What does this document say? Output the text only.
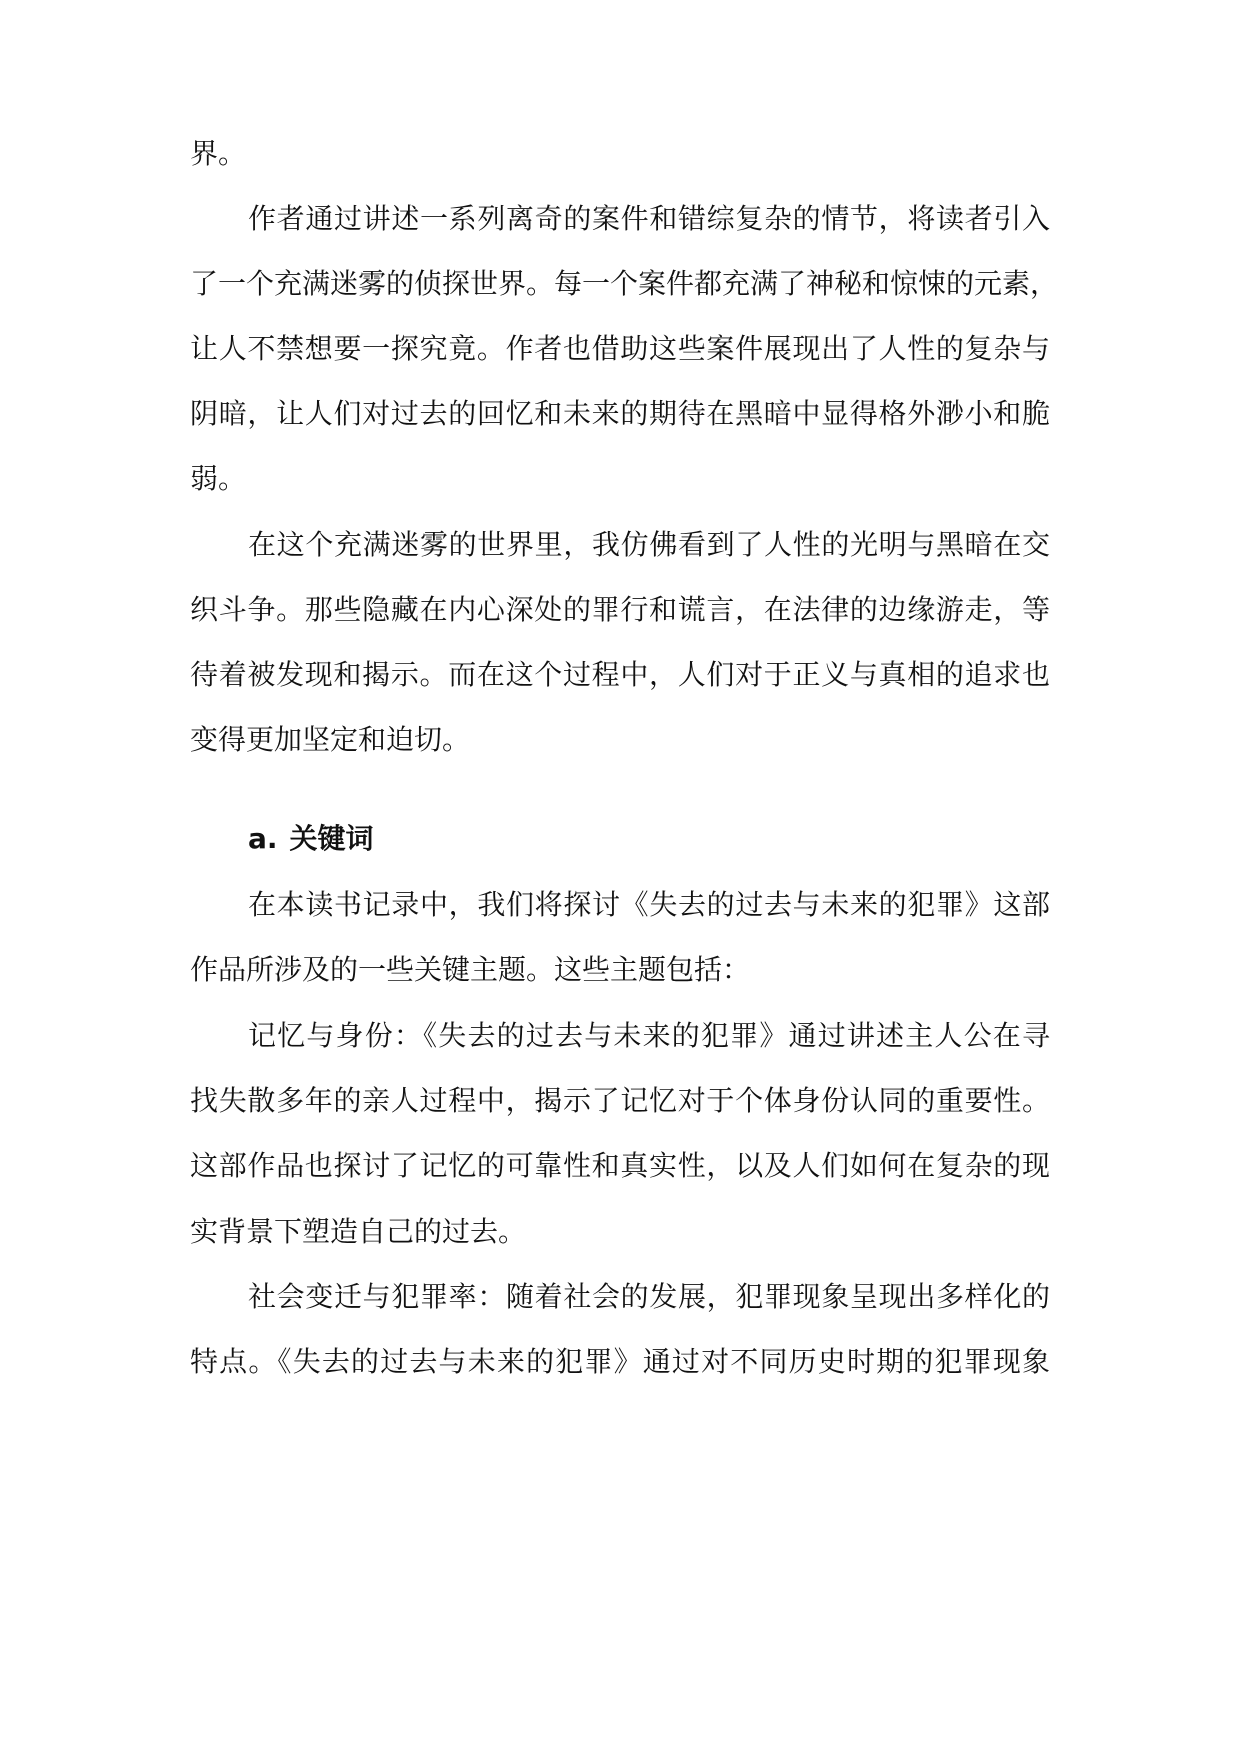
界。
作者通过讲述一系列离奇的案件和错综复杂的情节，将读者引入
了一个充满迷雾的侦探世界。每一个案件都充满了神秘和惊悚的元素，
让人不禁想要一探究竟。作者也借助这些案件展现出了人性的复杂与
阴暗，让人们对过去的回忆和未来的期待在黑暗中显得格外渺小和脆
弱。
在这个充满迷雾的世界里，我仿佛看到了人性的光明与黑暗在交
织斗争。那些隐藏在内心深处的罪行和谎言，在法律的边缘游走，等
待着被发现和揭示。而在这个过程中，人们对于正义与真相的追求也
变得更加坚定和迫切。
a. 关键词
在本读书记录中，我们将探讨《失去的过去与未来的犯罪》这部
作品所涉及的一些关键主题。这些主题包括：
记忆与身份：《失去的过去与未来的犯罪》通过讲述主人公在寻
找失散多年的亲人过程中，揭示了记忆对于个体身份认同的重要性。
这部作品也探讨了记忆的可靠性和真实性，以及人们如何在复杂的现
实背景下塑造自己的过去。
社会变迁与犯罪率：随着社会的发展，犯罪现象呈现出多样化的
特点。《失去的过去与未来的犯罪》通过对不同历史时期的犯罪现象
